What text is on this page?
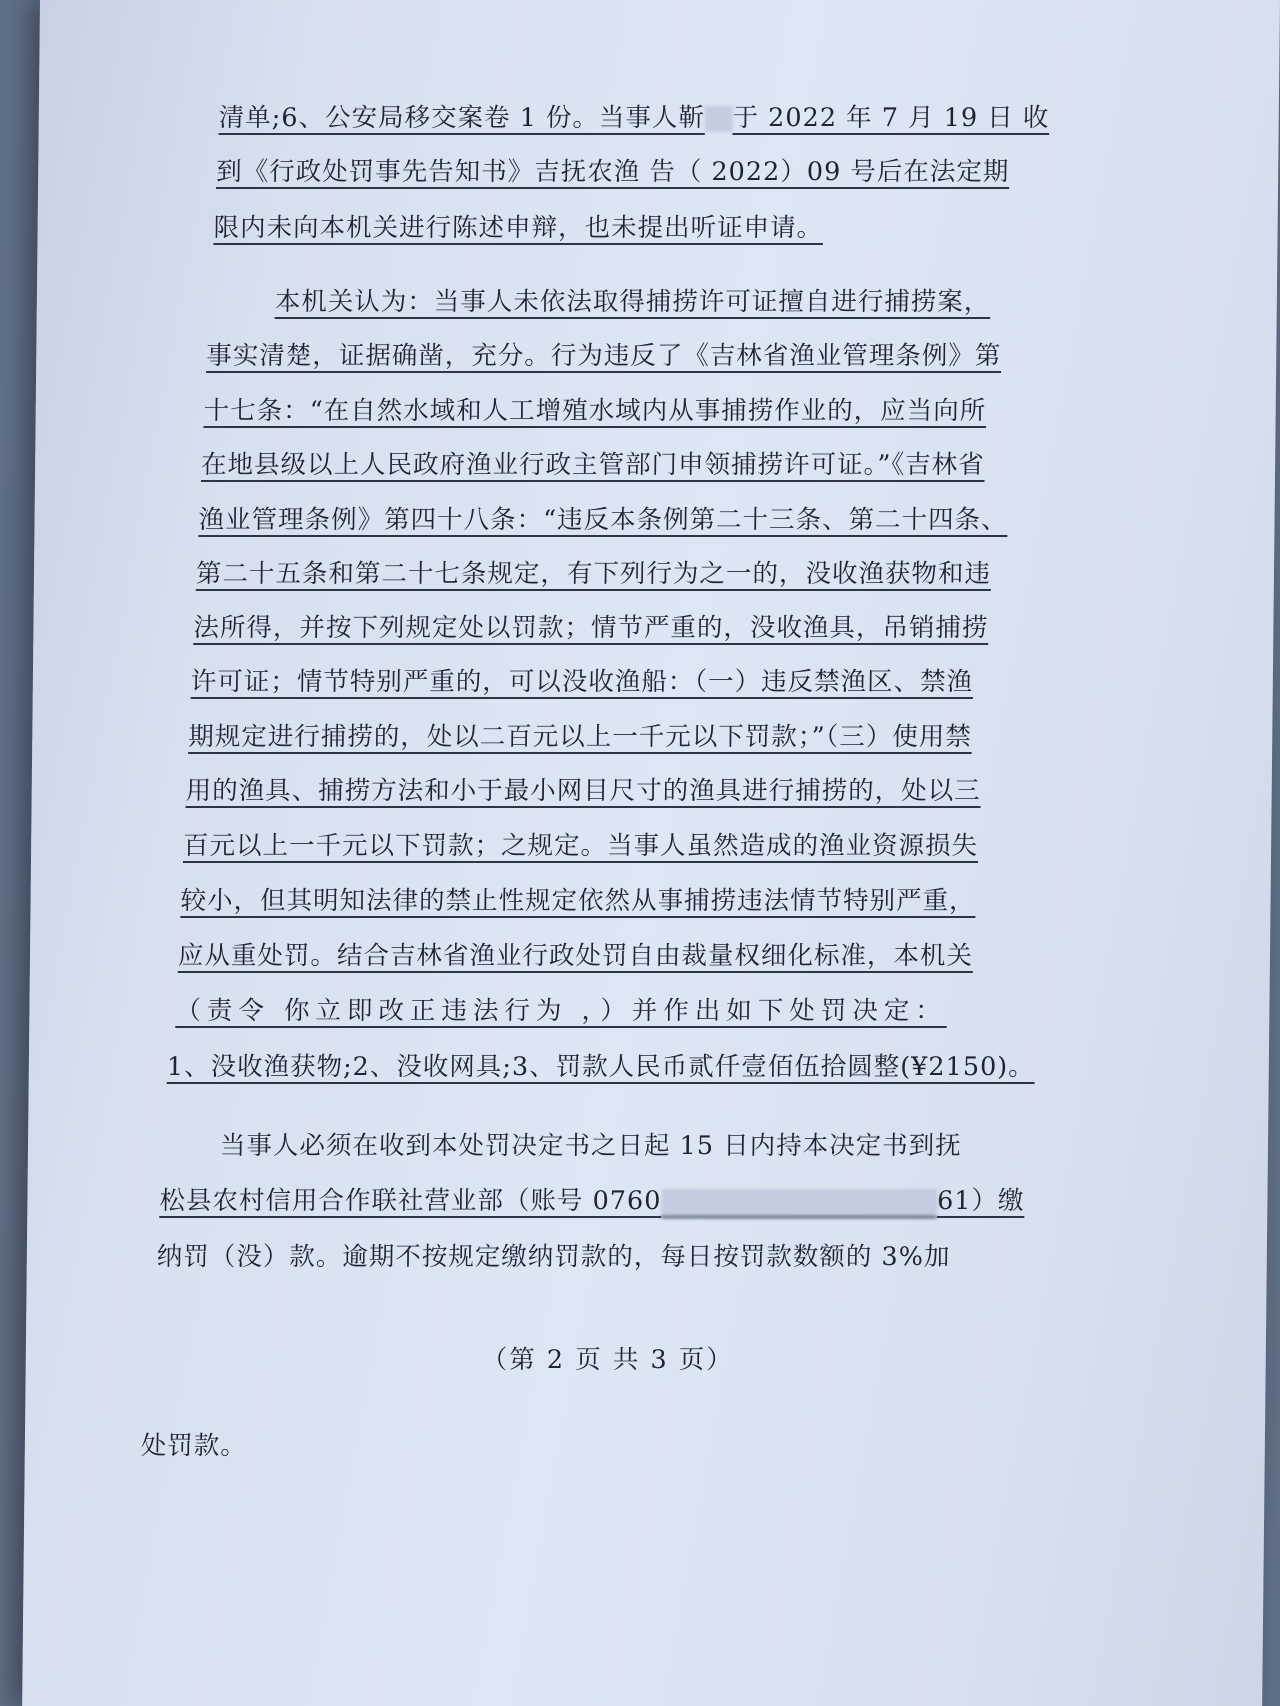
清单;6、公安局移交案卷 1 份。当事人靳 于 2022 年 7 月 19 日 收
到《行政处罚事先告知书》吉抚农渔 告（ 2022）09 号后在法定期
限内未向本机关进行陈述申辩，也未提出听证申请。
本机关认为：当事人未依法取得捕捞许可证擅自进行捕捞案，
事实清楚，证据确凿，充分。行为违反了《吉林省渔业管理条例》第
十七条：“在自然水域和人工增殖水域内从事捕捞作业的，应当向所
在地县级以上人民政府渔业行政主管部门申领捕捞许可证。”《吉林省
渔业管理条例》第四十八条：“违反本条例第二十三条、第二十四条、
第二十五条和第二十七条规定，有下列行为之一的，没收渔获物和违
法所得，并按下列规定处以罚款；情节严重的，没收渔具，吊销捕捞
许可证；情节特别严重的，可以没收渔船：（一）违反禁渔区、禁渔
期规定进行捕捞的，处以二百元以上一千元以下罚款；”（三）使用禁
用的渔具、捕捞方法和小于最小网目尺寸的渔具进行捕捞的，处以三
百元以上一千元以下罚款；之规定。当事人虽然造成的渔业资源损失
较小，但其明知法律的禁止性规定依然从事捕捞违法情节特别严重，
应从重处罚。结合吉林省渔业行政处罚自由裁量权细化标准，本机关
（责令 你立即改正违法行为 ，）并作出如下处罚决定：
1、没收渔获物;2、没收网具;3、罚款人民币贰仟壹佰伍拾圆整(¥2150)。
当事人必须在收到本处罚决定书之日起 15 日内持本决定书到抚
松县农村信用合作联社营业部（账号 0760	61）缴
纳罚（没）款。逾期不按规定缴纳罚款的，每日按罚款数额的 3%加
（第 2 页 共 3 页）
处罚款。
